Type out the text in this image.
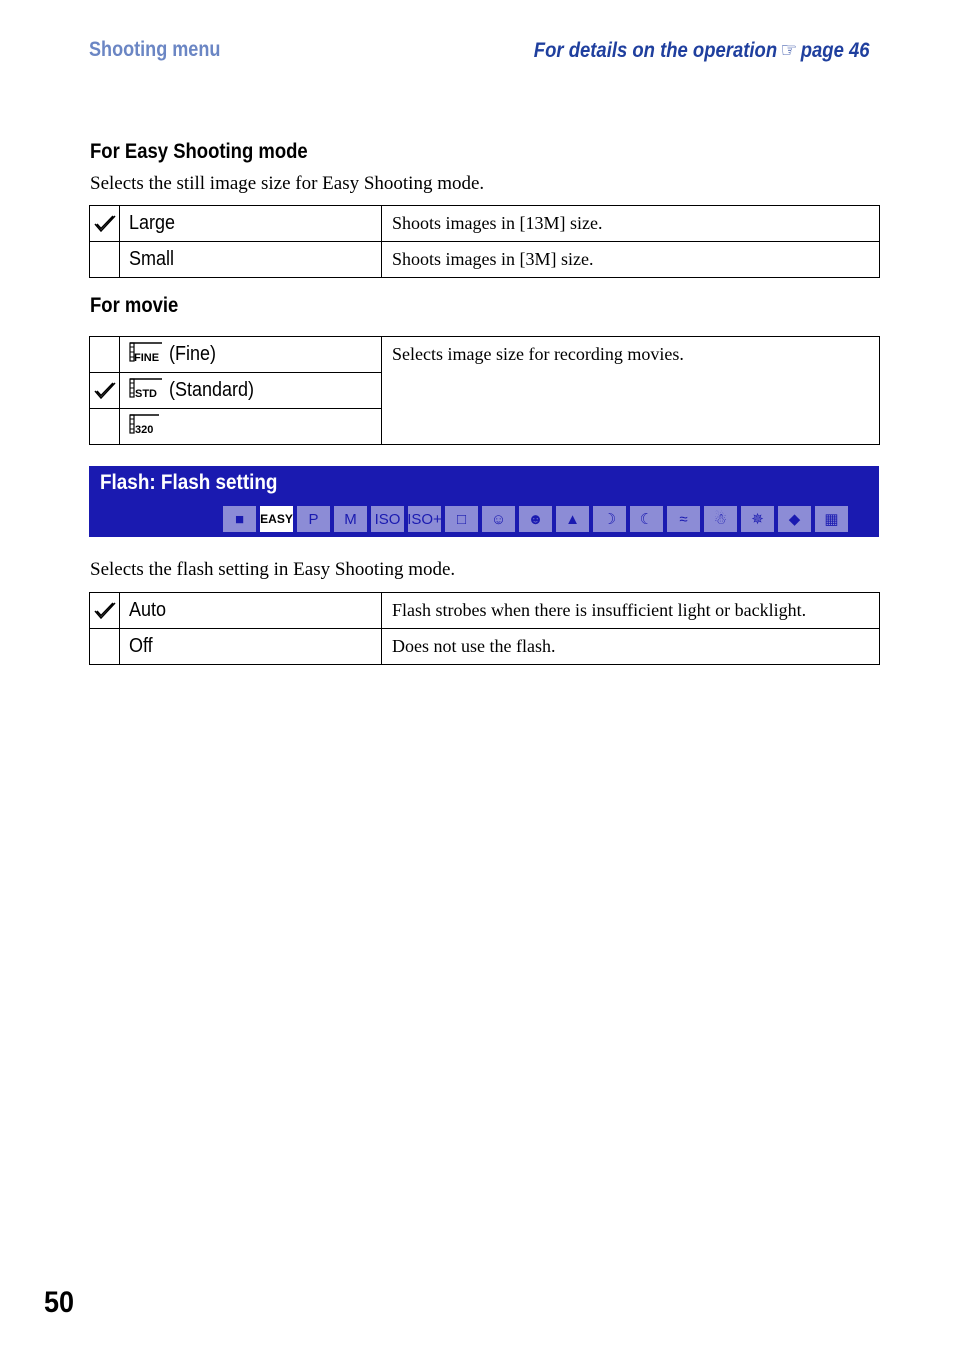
Shooting menu	For details on the operation ☞ page 46
For Easy Shooting mode
Selects the still image size for Easy Shooting mode.
	Large	Shoots images in [13M] size.
	Small	Shoots images in [3M] size.
For movie

FINE (Fine)	Selects image size for recording movies.

STD (Standard)	

320	
Flash: Flash setting
■	EASY P M ISO ISO+	□	☺	☻	▲	☽	☾	≈	☃	✵	◆	▦
Selects the flash setting in Easy Shooting mode.
	Auto	Flash strobes when there is insufficient light or backlight.
	Off	Does not use the flash.
50
